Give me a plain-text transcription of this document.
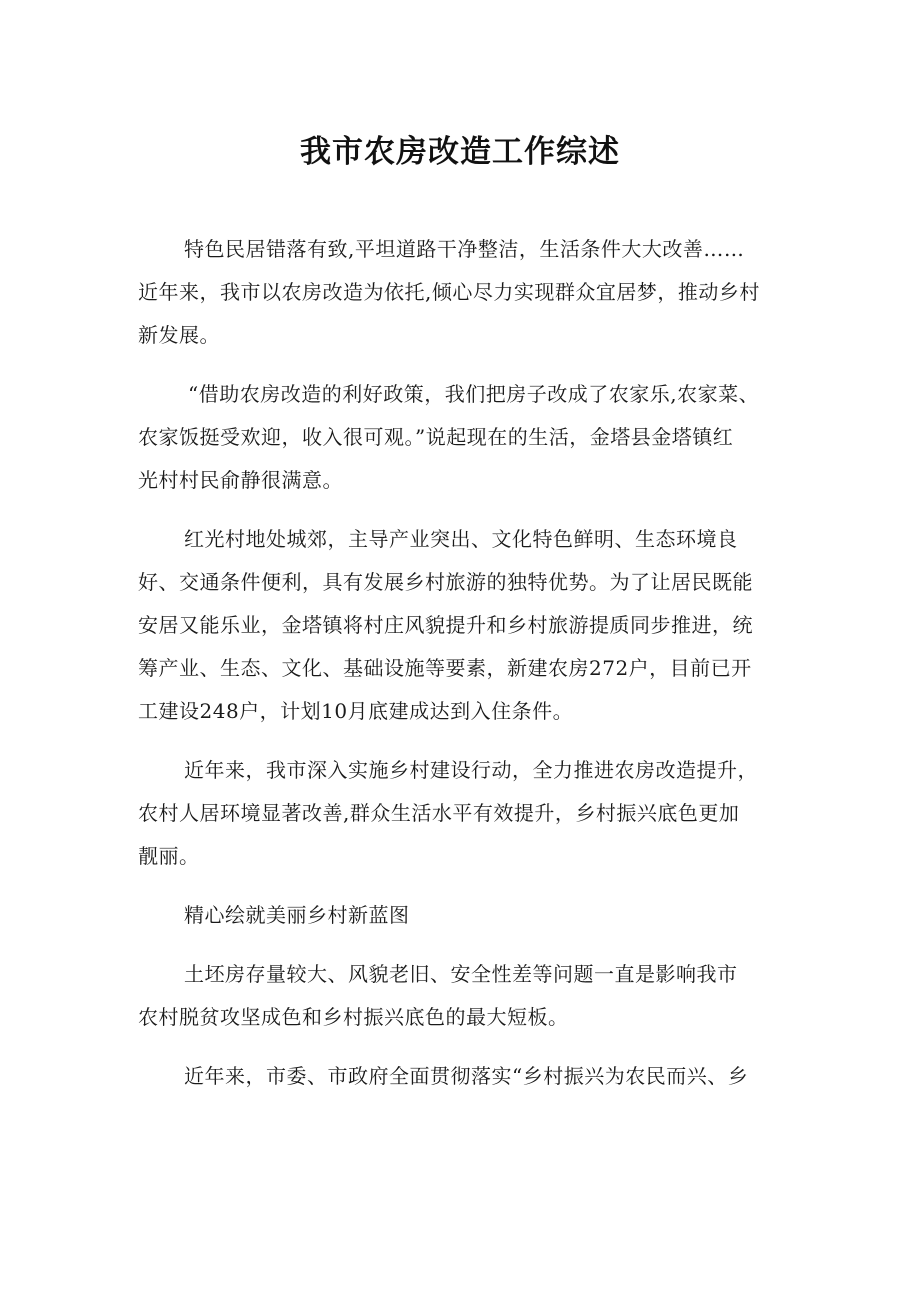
我市农房改造工作综述

特色民居错落有致,平坦道路干净整洁，生活条件大大改善……
近年来，我市以农房改造为依托,倾心尽力实现群众宜居梦，推动乡村
新发展。

“借助农房改造的利好政策，我们把房子改成了农家乐,农家菜、
农家饭挺受欢迎，收入很可观。”说起现在的生活，金塔县金塔镇红
光村村民俞静很满意。

红光村地处城郊，主导产业突出、文化特色鲜明、生态环境良
好、交通条件便利，具有发展乡村旅游的独特优势。为了让居民既能
安居又能乐业，金塔镇将村庄风貌提升和乡村旅游提质同步推进，统
筹产业、生态、文化、基础设施等要素，新建农房272户，目前已开
工建设248户，计划10月底建成达到入住条件。

近年来，我市深入实施乡村建设行动，全力推进农房改造提升，
农村人居环境显著改善,群众生活水平有效提升，乡村振兴底色更加
靓丽。

精心绘就美丽乡村新蓝图

土坯房存量较大、风貌老旧、安全性差等问题一直是影响我市
农村脱贫攻坚成色和乡村振兴底色的最大短板。

近年来，市委、市政府全面贯彻落实“乡村振兴为农民而兴、乡
